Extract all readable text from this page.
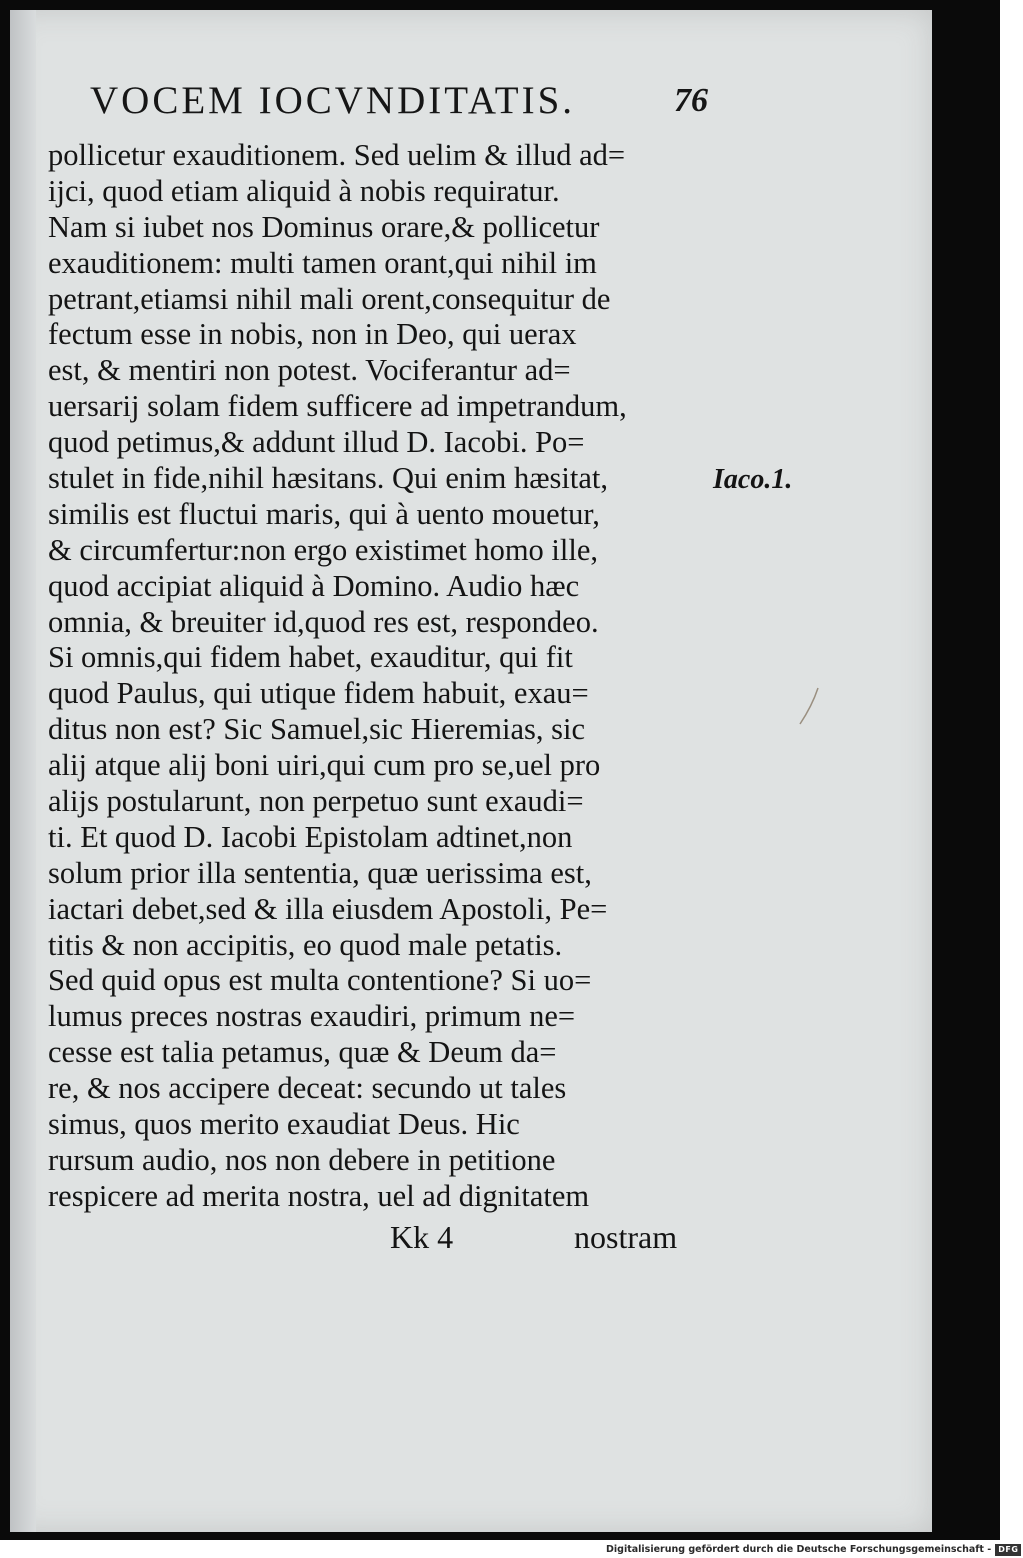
VOCEM IOCVNDITATIS.	76
pollicetur exauditionem. Sed uelim & illud ad=
ijci, quod etiam aliquid à nobis requiratur.
Nam si iubet nos Dominus orare,& pollicetur
exauditionem: multi tamen orant,qui nihil im
petrant,etiamsi nihil mali orent,consequitur de
fectum esse in nobis, non in Deo, qui uerax
est, & mentiri non potest. Vociferantur ad=
uersarij solam fidem sufficere ad impetrandum,
quod petimus,& addunt illud D. Iacobi. Po=
stulet in fide,nihil hæsitans. Qui enim hæsitat,
similis est fluctui maris, qui à uento mouetur,
& circumfertur:non ergo existimet homo ille,
quod accipiat aliquid à Domino. Audio hæc
omnia, & breuiter id,quod res est, respondeo.
Si omnis,qui fidem habet, exauditur, qui fit
quod Paulus, qui utique fidem habuit, exau=
ditus non est? Sic Samuel,sic Hieremias, sic
alij atque alij boni uiri,qui cum pro se,uel pro
alijs postularunt, non perpetuo sunt exaudi=
ti. Et quod D. Iacobi Epistolam adtinet,non
solum prior illa sententia, quæ uerissima est,
iactari debet,sed & illa eiusdem Apostoli, Pe=
titis & non accipitis, eo quod male petatis.
Sed quid opus est multa contentione? Si uo=
lumus preces nostras exaudiri, primum ne=
cesse est talia petamus, quæ & Deum da=
re, & nos accipere deceat: secundo ut tales
simus, quos merito exaudiat Deus. Hic
rursum audio, nos non debere in petitione
respicere ad merita nostra, uel ad dignitatem
Iaco.1.
Kk 4	nostram
Digitalisierung gefördert durch die Deutsche Forschungsgemeinschaft - DFG
